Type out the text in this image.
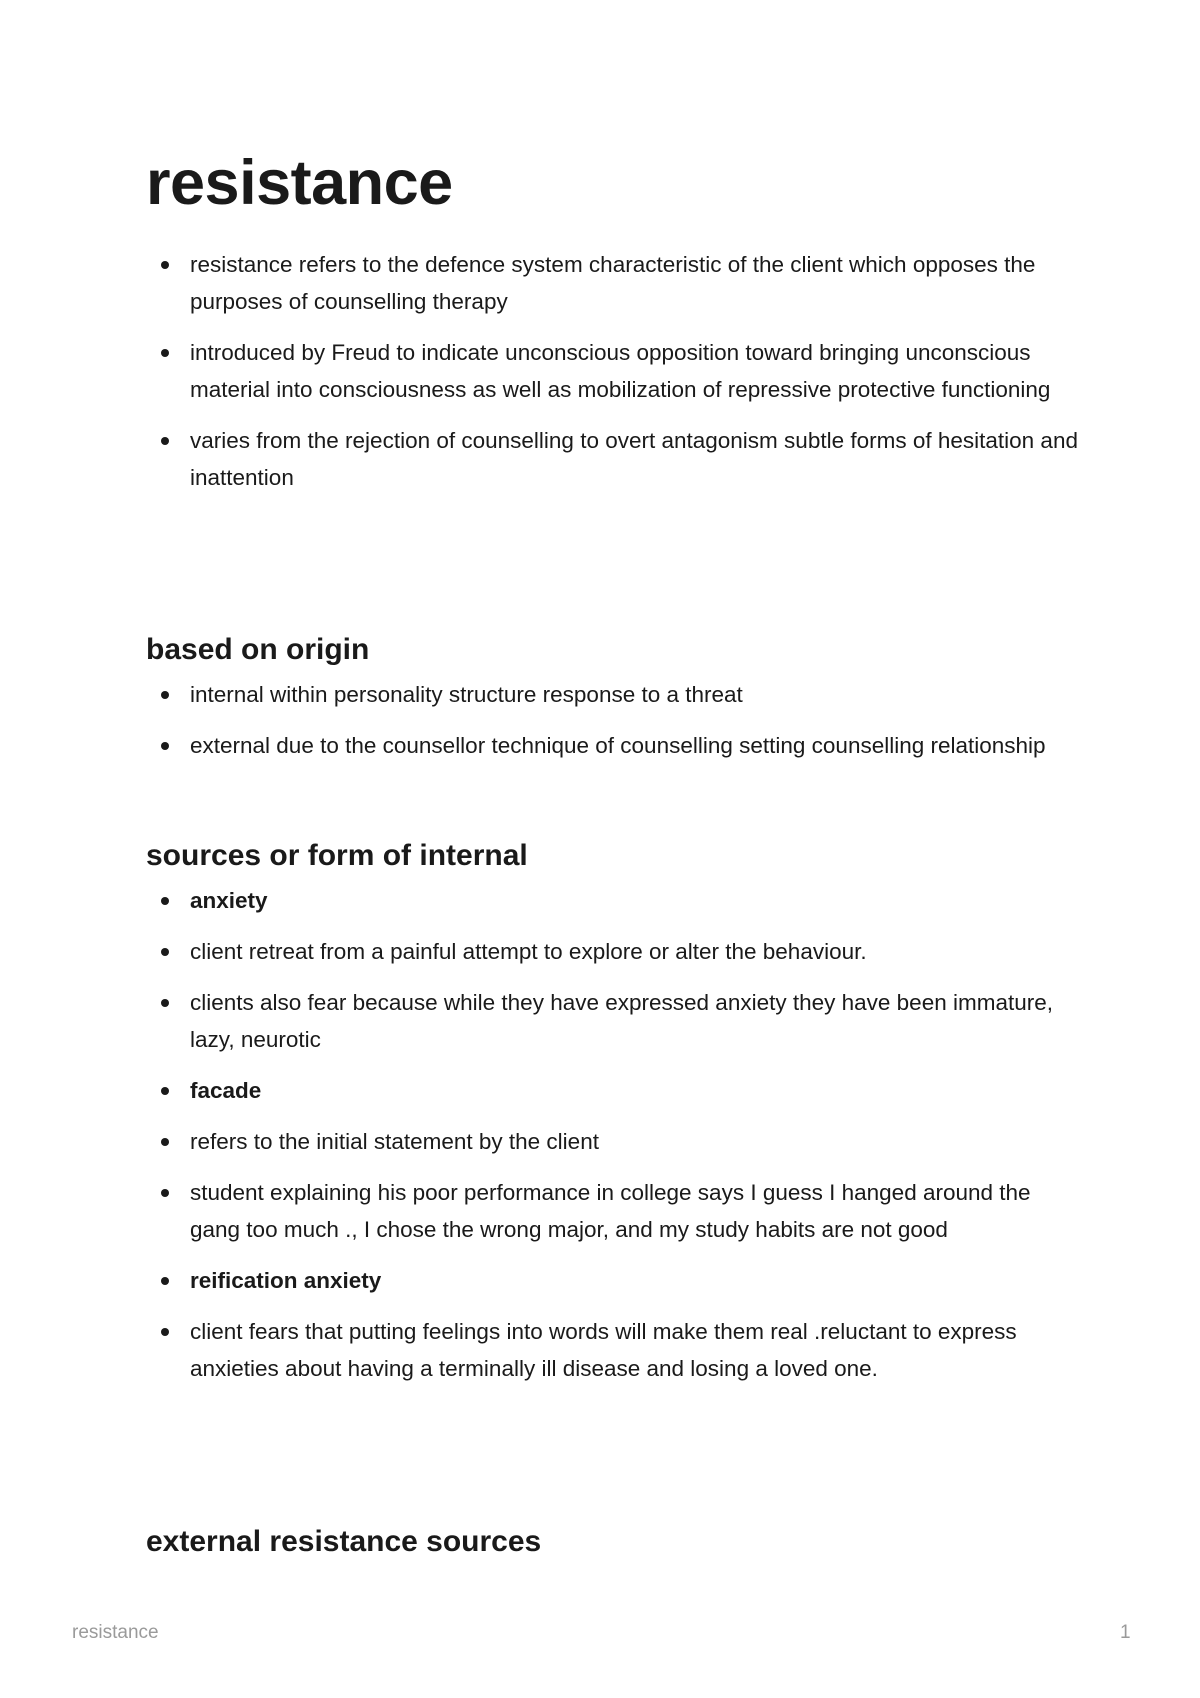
resistance
resistance refers to the defence system characteristic of the client which opposes the purposes of counselling therapy
introduced by Freud to indicate unconscious opposition toward bringing unconscious material into consciousness as well as mobilization of repressive protective functioning
varies from the rejection of counselling to overt antagonism subtle forms of hesitation and inattention
based on origin
internal within personality structure response to a threat
external due to the counsellor technique of counselling setting counselling relationship
sources or form of internal
anxiety
client retreat from a painful attempt to explore or alter the behaviour.
clients also fear because while they have expressed anxiety they have been immature, lazy, neurotic
facade
refers to the initial statement by the client
student explaining his poor performance in college says I guess I hanged around the gang too much ., I chose the wrong major, and my study habits are not good
reification anxiety
client fears that putting feelings into words will make them real .reluctant to express anxieties about having a terminally ill disease and losing a loved one.
external resistance sources
resistance	1
